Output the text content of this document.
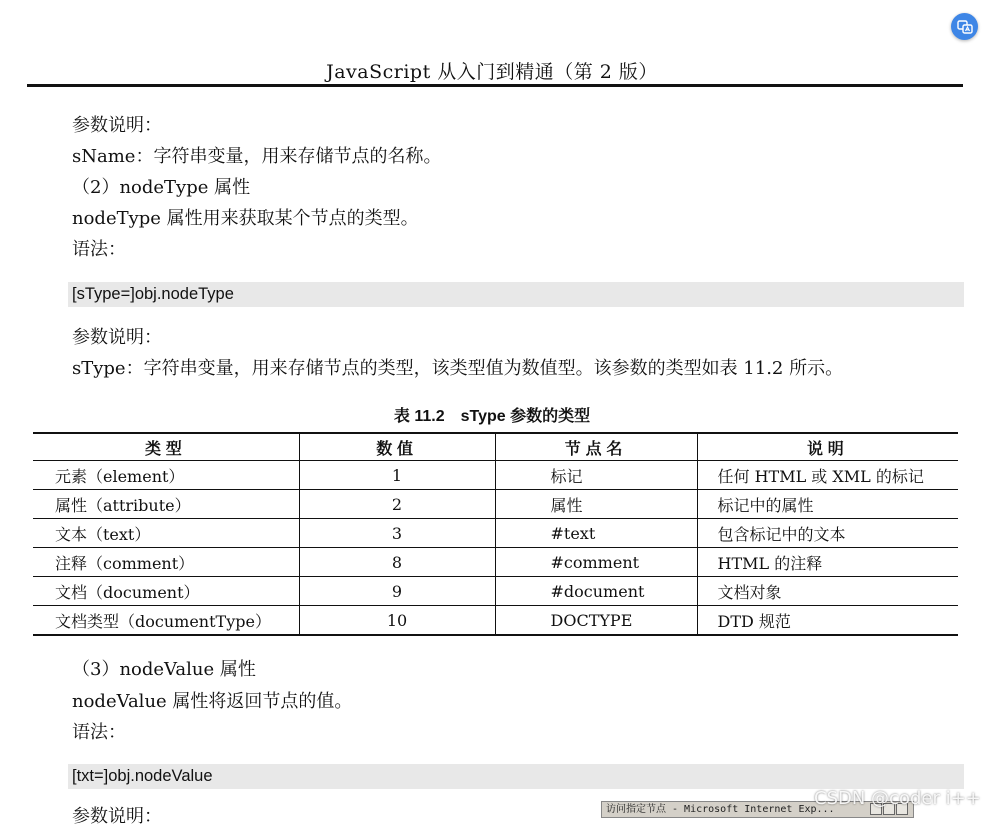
JavaScript 从入门到精通（第 2 版）
参数说明：
sName：字符串变量，用来存储节点的名称。
（2）nodeType 属性
nodeType 属性用来获取某个节点的类型。
语法：
[sType=]obj.nodeType
参数说明：
sType：字符串变量，用来存储节点的类型，该类型值为数值型。该参数的类型如表 11.2 所示。
表 11.2　sType 参数的类型
类型	数值	节点名	说明
元素（element）	1	标记	任何 HTML 或 XML 的标记
属性（attribute）	2	属性	标记中的属性
文本（text）	3	#text	包含标记中的文本
注释（comment）	8	#comment	HTML 的注释
文档（document）	9	#document	文档对象
文档类型（documentType）	10	DOCTYPE	DTD 规范
（3）nodeValue 属性
nodeValue 属性将返回节点的值。
语法：
[txt=]obj.nodeValue
参数说明：	访问指定节点 - Microsoft Internet Exp...
CSDN @coder i++
